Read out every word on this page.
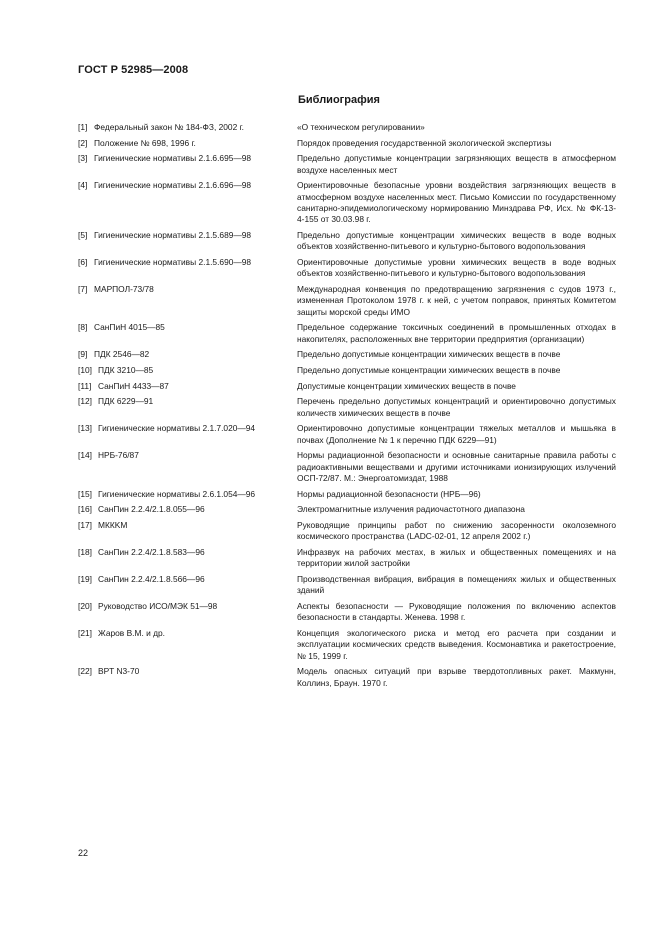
ГОСТ Р 52985—2008
Библиография
[1] Федеральный закон № 184-ФЗ, 2002 г.	«О техническом регулировании»
[2] Положение № 698, 1996 г.	Порядок проведения государственной экологической экспертизы
[3] Гигиенические нормативы 2.1.6.695—98	Предельно допустимые концентрации загрязняющих веществ в атмосферном воздухе населенных мест
[4] Гигиенические нормативы 2.1.6.696—98	Ориентировочные безопасные уровни воздействия загрязняющих веществ в атмосферном воздухе населенных мест. Письмо Комиссии по государственному санитарно-эпидемиологическому нормированию Минздрава РФ, Исх. № ФК-13-4-155 от 30.03.98 г.
[5] Гигиенические нормативы 2.1.5.689—98	Предельно допустимые концентрации химических веществ в воде водных объектов хозяйственно-питьевого и культурно-бытового водопользования
[6] Гигиенические нормативы 2.1.5.690—98	Ориентировочные допустимые уровни химических веществ в воде водных объектов хозяйственно-питьевого и культурно-бытового водопользования
[7] МАРПОЛ-73/78	Международная конвенция по предотвращению загрязнения с судов 1973 г., измененная Протоколом 1978 г. к ней, с учетом поправок, принятых Комитетом защиты морской среды ИМО
[8] СанПиН 4015—85	Предельное содержание токсичных соединений в промышленных отходах в накопителях, расположенных вне территории предприятия (организации)
[9] ПДК 2546—82	Предельно допустимые концентрации химических веществ в почве
[10] ПДК 3210—85	Предельно допустимые концентрации химических веществ в почве
[11] СанПиН 4433—87	Допустимые концентрации химических веществ в почве
[12] ПДК 6229—91	Перечень предельно допустимых концентраций и ориентировочно допустимых количеств химических веществ в почве
[13] Гигиенические нормативы 2.1.7.020—94	Ориентировочно допустимые концентрации тяжелых металлов и мышьяка в почвах (Дополнение № 1 к перечню ПДК 6229—91)
[14] НРБ-76/87	Нормы радиационной безопасности и основные санитарные правила работы с радиоактивными веществами и другими источниками ионизирующих излучений ОСП-72/87. М.: Энергоатомиздат, 1988
[15] Гигиенические нормативы 2.6.1.054—96	Нормы радиационной безопасности (НРБ—96)
[16] СанПин 2.2.4/2.1.8.055—96	Электромагнитные излучения радиочастотного диапазона
[17] МККKM	Руководящие принципы работ по снижению засоренности околоземного космического пространства (LADC-02-01, 12 апреля 2002 г.)
[18] СанПин 2.2.4/2.1.8.583—96	Инфразвук на рабочих местах, в жилых и общественных помещениях и на территории жилой застройки
[19] СанПин 2.2.4/2.1.8.566—96	Производственная вибрация, вибрация в помещениях жилых и общественных зданий
[20] Руководство ИСО/МЭК 51—98	Аспекты безопасности — Руководящие положения по включению аспектов безопасности в стандарты. Женева. 1998 г.
[21] Жаров В.М. и др.	Концепция экологического риска и метод его расчета при создании и эксплуатации космических средств выведения. Космонавтика и ракетостроение, № 15, 1999 г.
[22] BPT N3-70	Модель опасных ситуаций при взрыве твердотопливных ракет. Макмунн, Коллинз, Браун. 1970 г.
22
